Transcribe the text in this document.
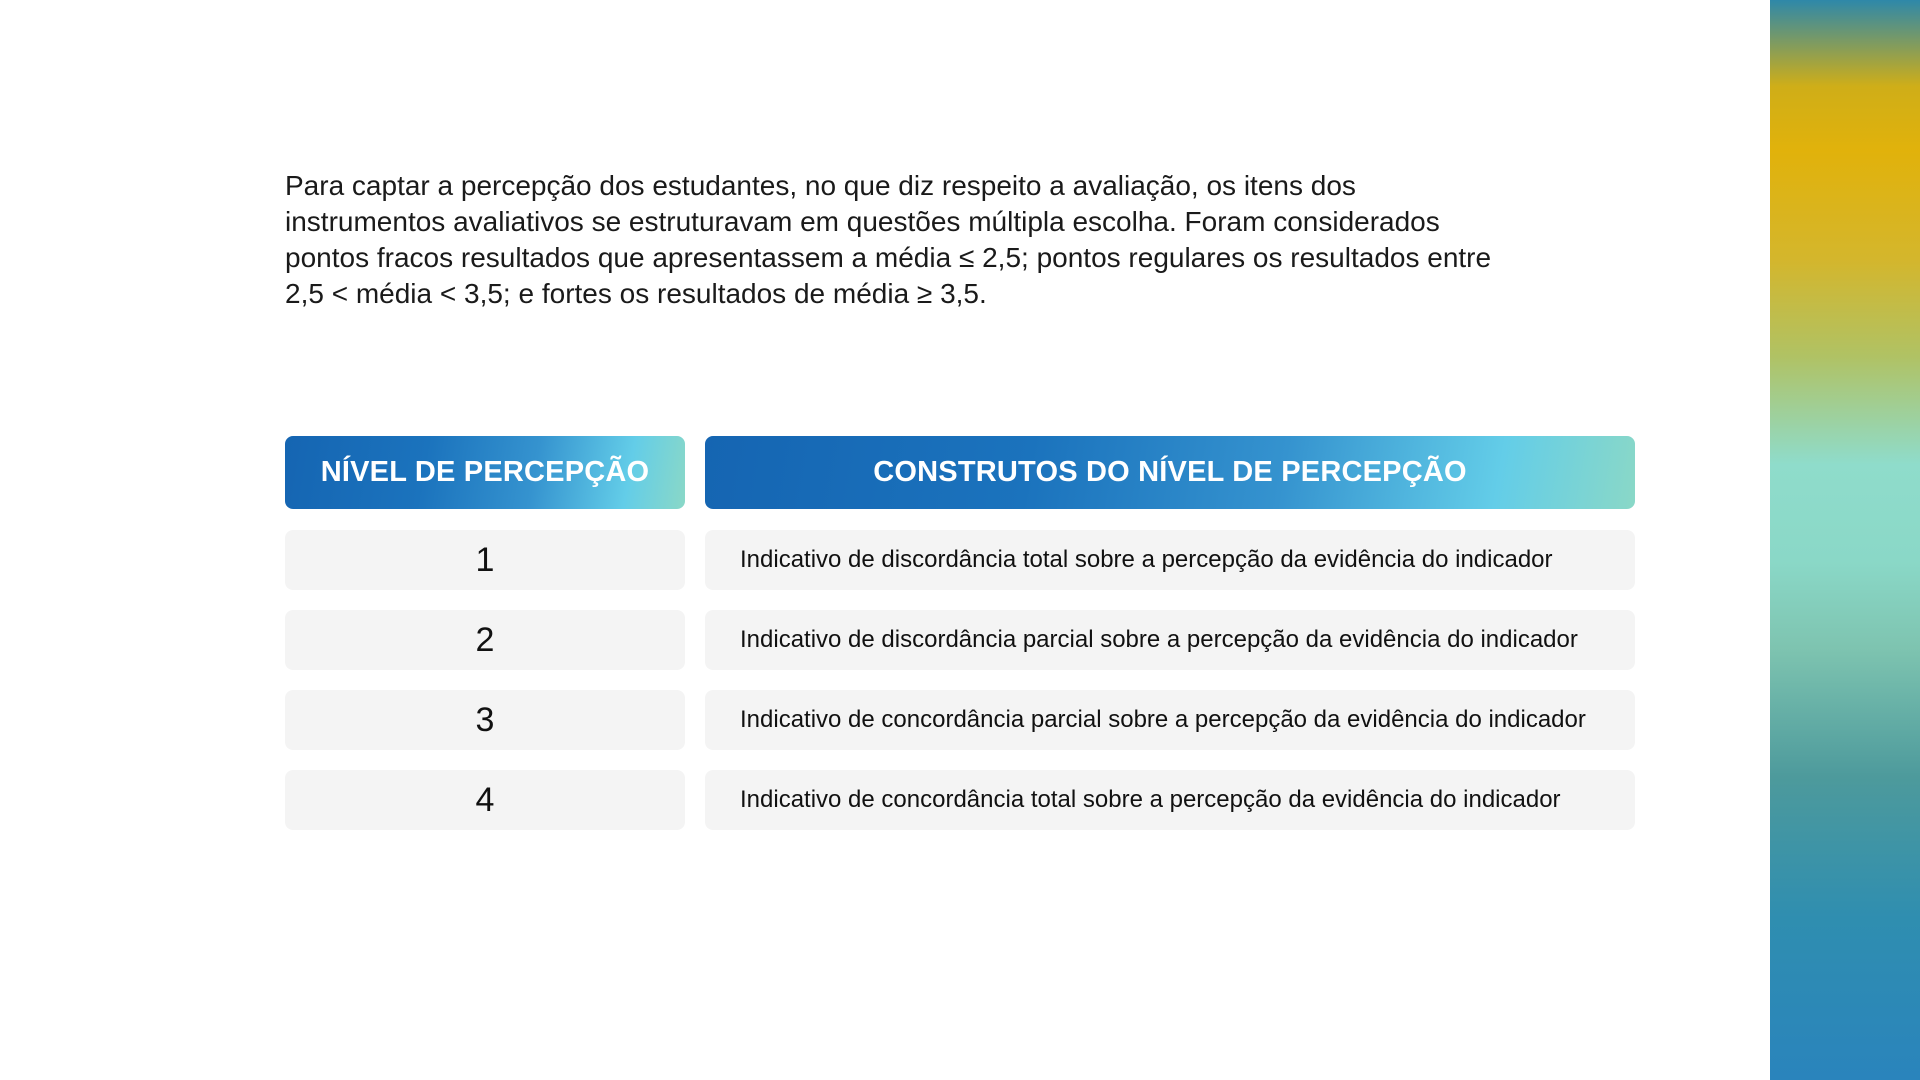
Para captar a percepção dos estudantes, no que diz respeito a avaliação, os itens dos instrumentos avaliativos se estruturavam em questões múltipla escolha. Foram considerados pontos fracos resultados que apresentassem a média ≤ 2,5; pontos regulares os resultados entre 2,5 < média < 3,5; e fortes os resultados de média ≥ 3,5.

NÍVEL DE PERCEPÇÃO	CONSTRUTOS DO NÍVEL DE PERCEPÇÃO
1	Indicativo de discordância total sobre a percepção da evidência do indicador
2	Indicativo de discordância parcial sobre a percepção da evidência do indicador
3	Indicativo de concordância parcial sobre a percepção da evidência do indicador
4	Indicativo de concordância total sobre a percepção da evidência do indicador
